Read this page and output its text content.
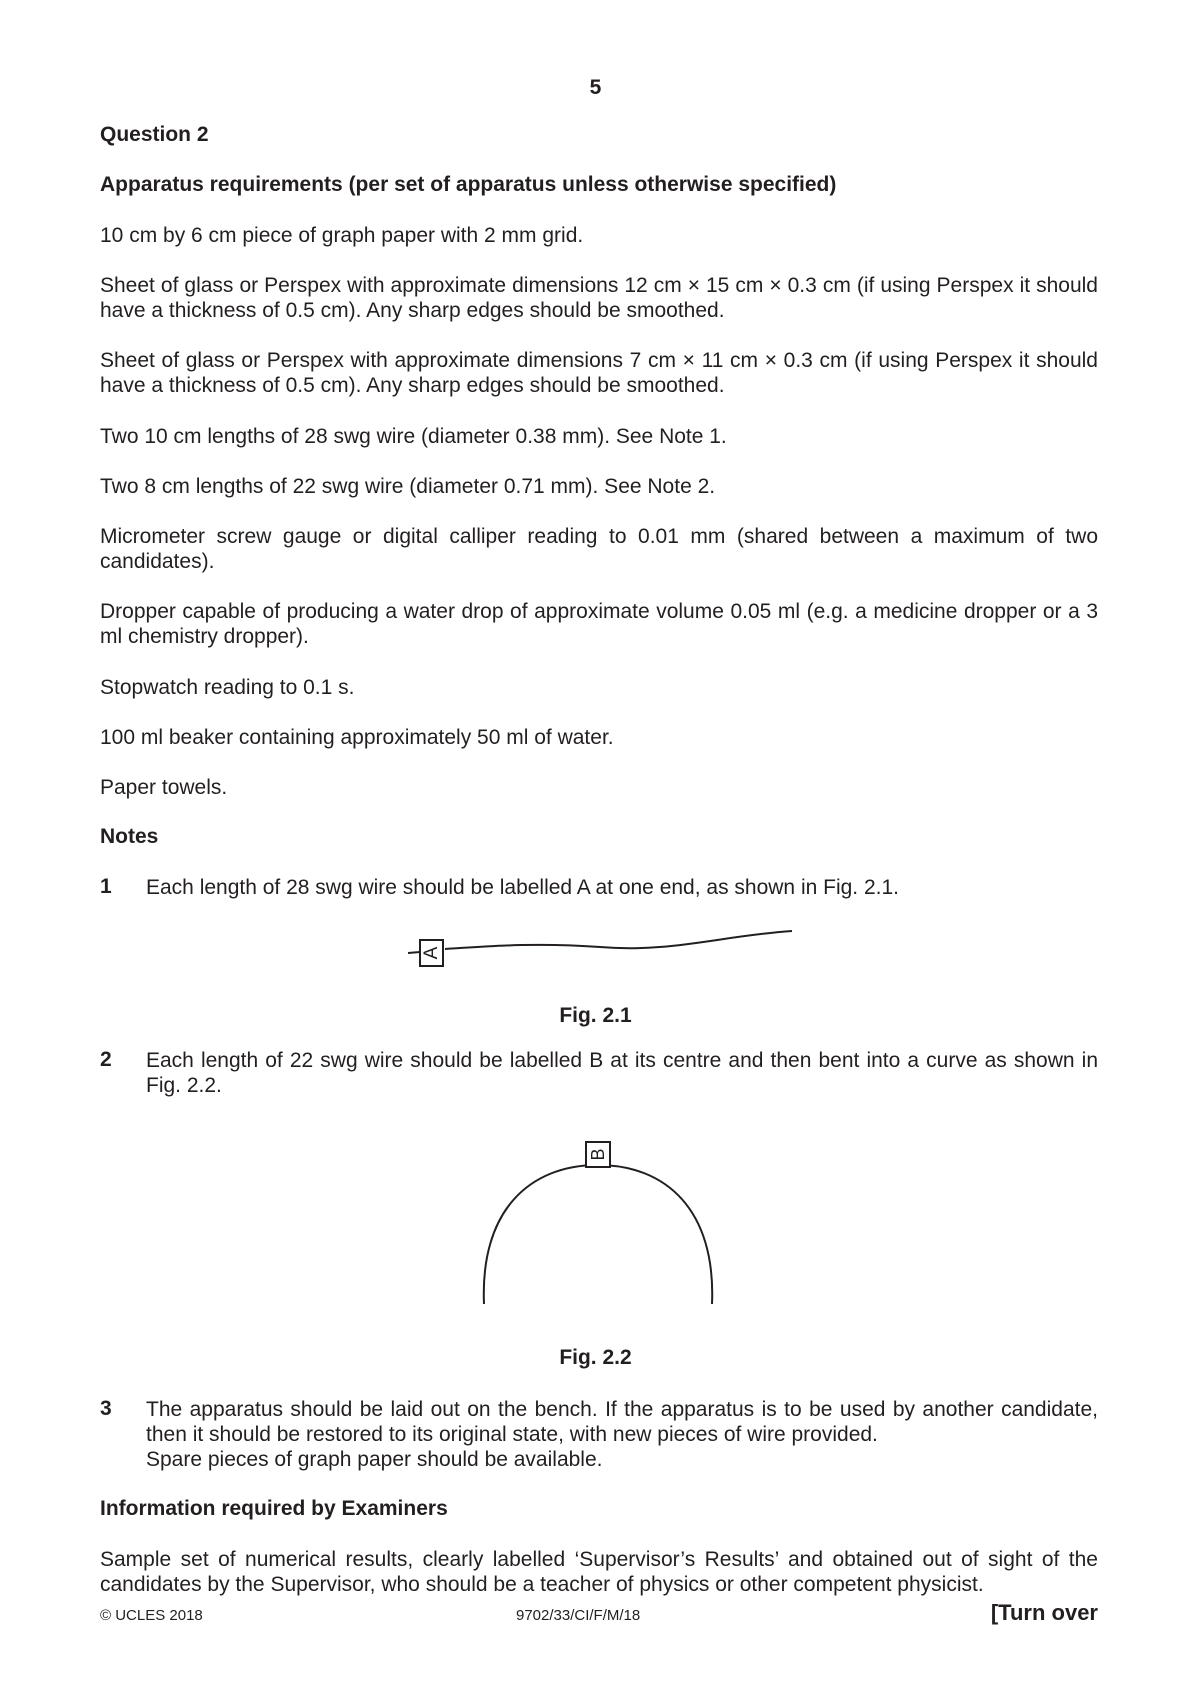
5
Question 2
Apparatus requirements (per set of apparatus unless otherwise specified)
10 cm by 6 cm piece of graph paper with 2 mm grid.
Sheet of glass or Perspex with approximate dimensions 12 cm × 15 cm × 0.3 cm (if using Perspex it should have a thickness of 0.5 cm). Any sharp edges should be smoothed.
Sheet of glass or Perspex with approximate dimensions 7 cm × 11 cm × 0.3 cm (if using Perspex it should have a thickness of 0.5 cm). Any sharp edges should be smoothed.
Two 10 cm lengths of 28 swg wire (diameter 0.38 mm). See Note 1.
Two 8 cm lengths of 22 swg wire (diameter 0.71 mm). See Note 2.
Micrometer screw gauge or digital calliper reading to 0.01 mm (shared between a maximum of two candidates).
Dropper capable of producing a water drop of approximate volume 0.05 ml (e.g. a medicine dropper or a 3 ml chemistry dropper).
Stopwatch reading to 0.1 s.
100 ml beaker containing approximately 50 ml of water.
Paper towels.
Notes
1 Each length of 28 swg wire should be labelled A at one end, as shown in Fig. 2.1.
A
Fig. 2.1
2 Each length of 22 swg wire should be labelled B at its centre and then bent into a curve as shown in Fig. 2.2.
B
Fig. 2.2
3 The apparatus should be laid out on the bench. If the apparatus is to be used by another candidate, then it should be restored to its original state, with new pieces of wire provided.
Spare pieces of graph paper should be available.
Information required by Examiners
Sample set of numerical results, clearly labelled ‘Supervisor’s Results’ and obtained out of sight of the candidates by the Supervisor, who should be a teacher of physics or other competent physicist.
© UCLES 2018	9702/33/CI/F/M/18	[Turn over
